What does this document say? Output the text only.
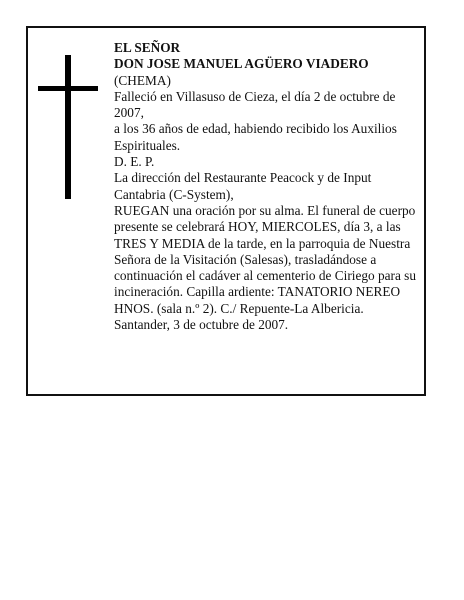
EL SEÑOR
DON JOSE MANUEL AGÜERO VIADERO
(CHEMA)
Falleció en Villasuso de Cieza, el día 2 de octubre de
2007,
a los 36 años de edad, habiendo recibido los Auxilios Espirituales.
D. E. P.
La dirección del Restaurante Peacock y de Input Cantabria (C-System),
RUEGAN una oración por su alma. El funeral de cuerpo presente se celebrará HOY, MIERCOLES, día 3, a las TRES Y MEDIA de la tarde, en la parroquia de Nuestra Señora de la Visitación (Salesas), trasladándose a continuación el cadáver al cementerio de Ciriego para su incineración. Capilla ardiente: TANATORIO NEREO HNOS. (sala n.º 2). C./ Repuente-La Albericia.
Santander, 3 de octubre de 2007.
